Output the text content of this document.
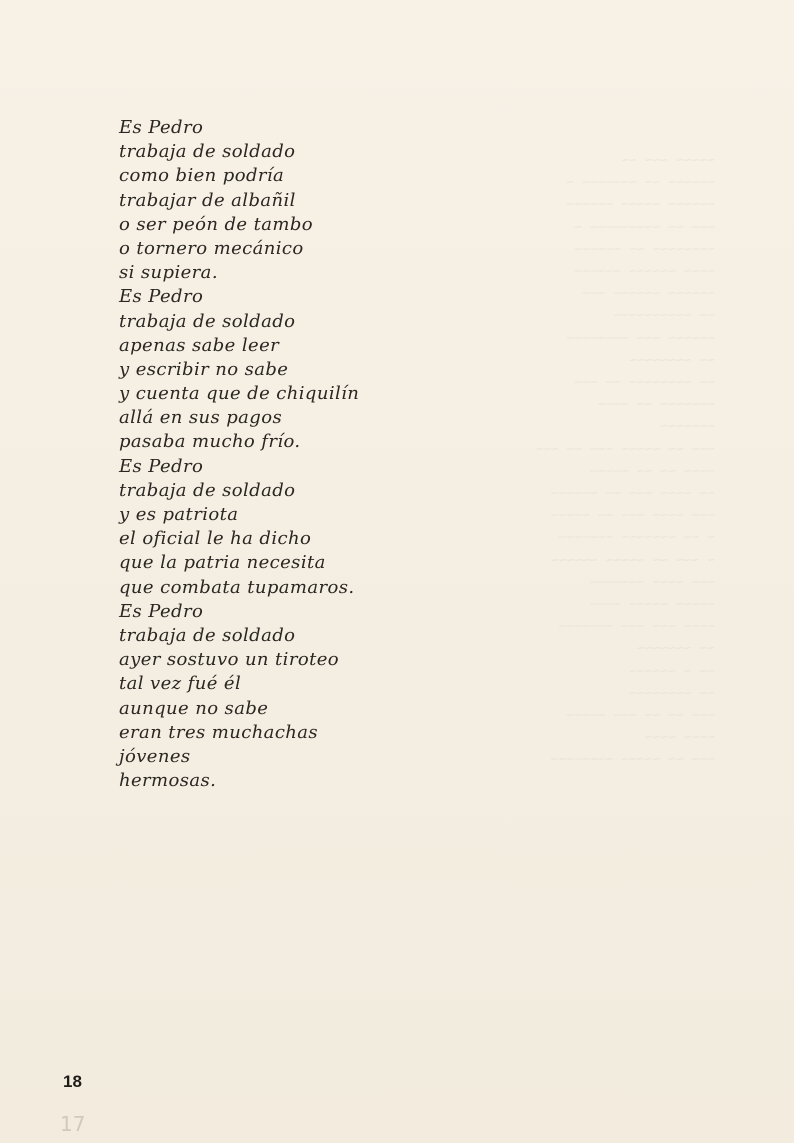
~~~~~ ~~~ ~~
~~~~~~ ~~ ~~~~~~~ ~
~~~~~~ ~~~~~ ~~~~~~
~~~ ~~ ~~~~~~~~~ ~
~~~~~~~~ ~~ ~~~~~~
~~~~ ~~~~~~ ~~~~~~
~~~~~~ ~~~~~~ ~~~
~~ ~~~~~~~~~~
~~~~~~ ~~~ ~~~~~~~~
~~ ~~~~~~~~
~~ ~~~~~~~~ ~~ ~~~
~~~~~~~ ~~ ~~~~
~~~~~~~
~~~ ~~ ~~~~~ ~~~ ~~ ~~~
~~~~ ~~ ~~ ~~~~~
~~ ~~~~ ~~~ ~~ ~~~~~~
~~~ ~~~~ ~~~ ~~ ~~~~~
~ ~~ ~~~~~~~ ~~~~~~~
~ ~~~ ~~ ~~~~~ ~~~~~~
~~~ ~~~~ ~~~~~~~
~~~~~ ~~~~~ ~~~~
~~~~ ~~~ ~~~ ~~~~~~~
~~ ~~~~~~~
~~ ~ ~~~~~~
~~ ~~~~~~~~
~~~ ~~ ~~ ~~~ ~~~~~
~~~~ ~~~~
~~~ ~~ ~~~~~ ~~~~~~~~
Es Pedro
trabaja de soldado
como bien podría
trabajar de albañil
o ser peón de tambo
o tornero mecánico
si supiera.
Es Pedro
trabaja de soldado
apenas sabe leer
y escribir no sabe
y cuenta que de chiquilín
allá en sus pagos
pasaba mucho frío.
Es Pedro
trabaja de soldado
y es patriota
el oficial le ha dicho
que la patria necesita
que combata tupamaros.
Es Pedro
trabaja de soldado
ayer sostuvo un tiroteo
tal vez fué él
aunque no sabe
eran tres muchachas
jóvenes
hermosas.
18
17
